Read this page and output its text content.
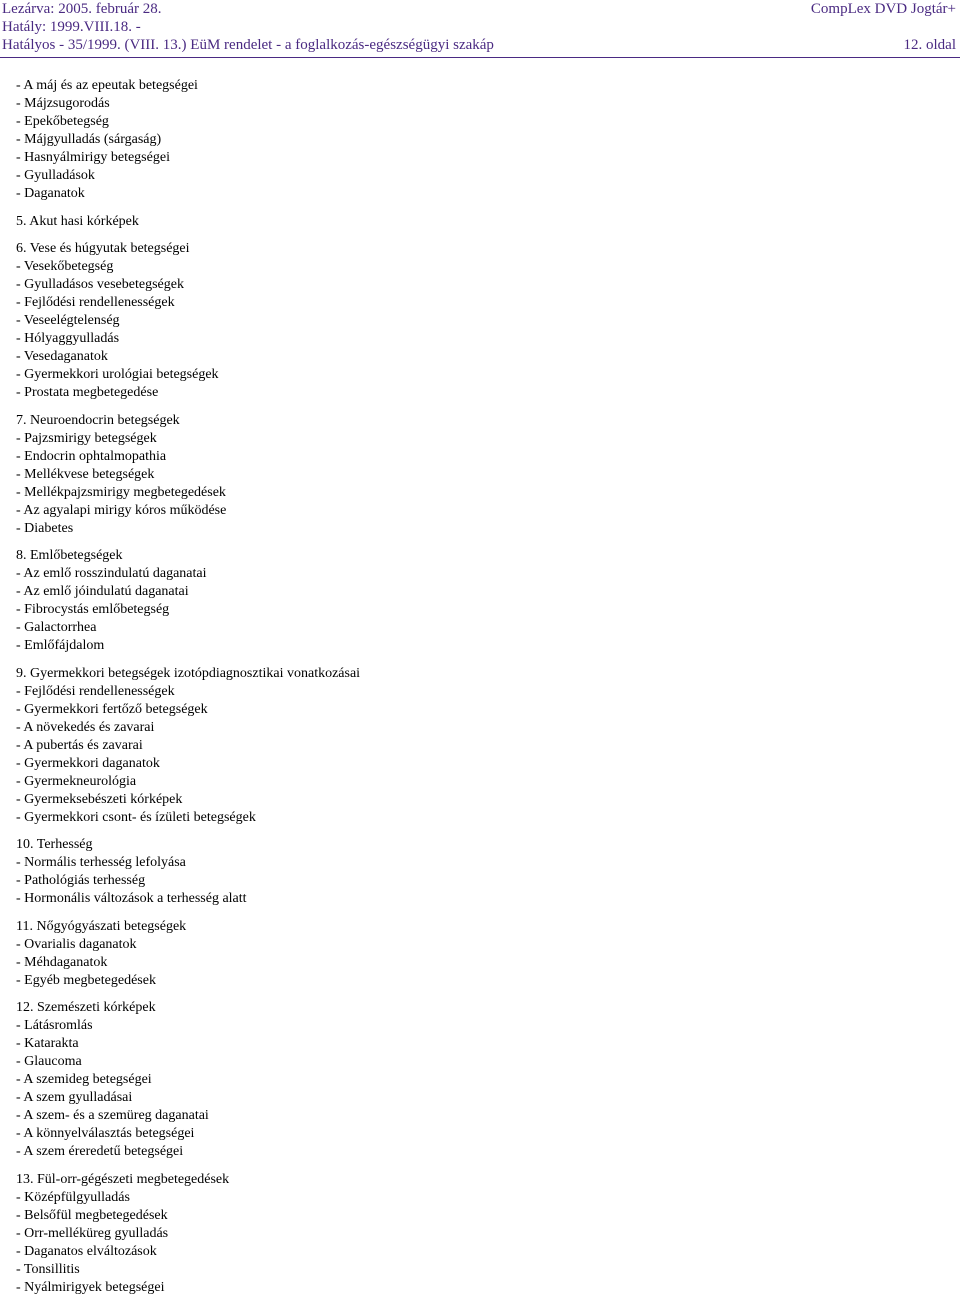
Lezárva: 2005. február 28.
Hatály: 1999.VIII.18. -
Hatályos - 35/1999. (VIII. 13.) EüM rendelet - a foglalkozás-egészségügyi szakáp
CompLex DVD Jogtár+
12. oldal
- A máj és az epeutak betegségei
- Májzsugorodás
- Epekőbetegség
- Májgyulladás (sárgaság)
- Hasnyálmirigy betegségei
- Gyulladások
- Daganatok
5. Akut hasi kórképek
6. Vese és húgyutak betegségei
- Vesekőbetegség
- Gyulladásos vesebetegségek
- Fejlődési rendellenességek
- Veseelégtelenség
- Hólyaggyulladás
- Vesedaganatok
- Gyermekkori urológiai betegségek
- Prostata megbetegedése
7. Neuroendocrin betegségek
- Pajzsmirigy betegségek
- Endocrin ophtalmopathia
- Mellékvese betegségek
- Mellékpajzsmirigy megbetegedések
- Az agyalapi mirigy kóros működése
- Diabetes
8. Emlőbetegségek
- Az emlő rosszindulatú daganatai
- Az emlő jóindulatú daganatai
- Fibrocystás emlőbetegség
- Galactorrhea
- Emlőfájdalom
9. Gyermekkori betegségek izotópdiagnosztikai vonatkozásai
- Fejlődési rendellenességek
- Gyermekkori fertőző betegségek
- A növekedés és zavarai
- A pubertás és zavarai
- Gyermekkori daganatok
- Gyermekneurológia
- Gyermeksebészeti kórképek
- Gyermekkori csont- és ízületi betegségek
10. Terhesség
- Normális terhesség lefolyása
- Pathológiás terhesség
- Hormonális változások a terhesség alatt
11. Nőgyógyászati betegségek
- Ovarialis daganatok
- Méhdaganatok
- Egyéb megbetegedések
12. Szemészeti kórképek
- Látásromlás
- Katarakta
- Glaucoma
- A szemideg betegségei
- A szem gyulladásai
- A szem- és a szemüreg daganatai
- A könnyelválasztás betegségei
- A szem éreredetű betegségei
13. Fül-orr-gégészeti megbetegedések
- Középfülgyulladás
- Belsőfül megbetegedések
- Orr-melléküreg gyulladás
- Daganatos elváltozások
- Tonsillitis
- Nyálmirigyek betegségei
